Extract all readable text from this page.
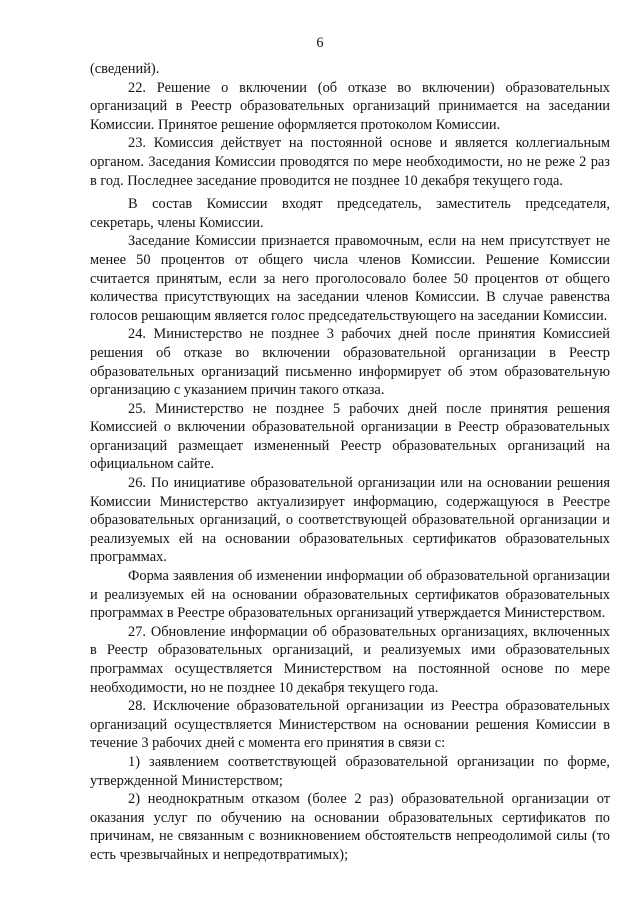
6

(сведений).

22. Решение о включении (об отказе во включении) образовательных организаций в Реестр образовательных организаций принимается на заседании Комиссии. Принятое решение оформляется протоколом Комиссии.

23. Комиссия действует на постоянной основе и является коллегиальным органом. Заседания Комиссии проводятся по мере необходимости, но не реже 2 раз в год. Последнее заседание проводится не позднее 10 декабря текущего года.

В состав Комиссии входят председатель, заместитель председателя, секретарь, члены Комиссии.

Заседание Комиссии признается правомочным, если на нем присутствует не менее 50 процентов от общего числа членов Комиссии. Решение Комиссии считается принятым, если за него проголосовало более 50 процентов от общего количества присутствующих на заседании членов Комиссии. В случае равенства голосов решающим является голос председательствующего на заседании Комиссии.

24. Министерство не позднее 3 рабочих дней после принятия Комиссией решения об отказе во включении образовательной организации в Реестр образовательных организаций письменно информирует об этом образовательную организацию с указанием причин такого отказа.

25. Министерство не позднее 5 рабочих дней после принятия решения Комиссией о включении образовательной организации в Реестр образовательных организаций размещает измененный Реестр образовательных организаций на официальном сайте.

26. По инициативе образовательной организации или на основании решения Комиссии Министерство актуализирует информацию, содержащуюся в Реестре образовательных организаций, о соответствующей образовательной организации и реализуемых ей на основании образовательных сертификатов образовательных программах.

Форма заявления об изменении информации об образовательной организации и реализуемых ей на основании образовательных сертификатов образовательных программах в Реестре образовательных организаций утверждается Министерством.

27. Обновление информации об образовательных организациях, включенных в Реестр образовательных организаций, и реализуемых ими образовательных программах осуществляется Министерством на постоянной основе по мере необходимости, но не позднее 10 декабря текущего года.

28. Исключение образовательной организации из Реестра образовательных организаций осуществляется Министерством на основании решения Комиссии в течение 3 рабочих дней с момента его принятия в связи с:

1) заявлением соответствующей образовательной организации по форме, утвержденной Министерством;

2) неоднократным отказом (более 2 раз) образовательной организации от оказания услуг по обучению на основании образовательных сертификатов по причинам, не связанным с возникновением обстоятельств непреодолимой силы (то есть чрезвычайных и непредотвратимых);
